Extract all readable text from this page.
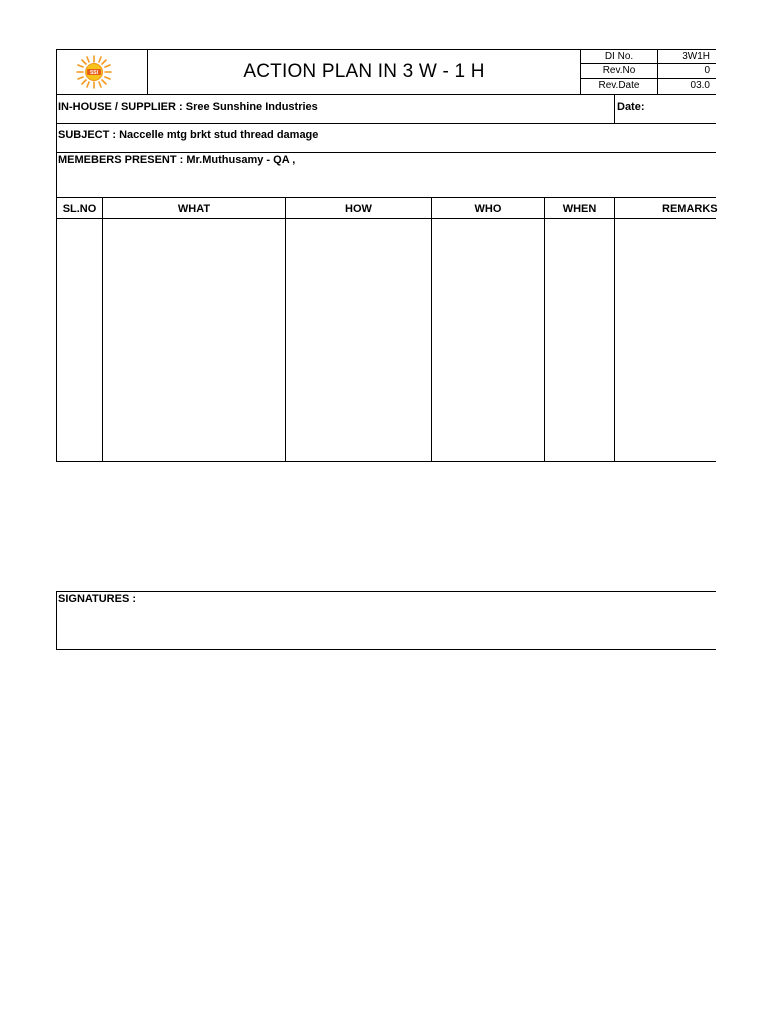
SSI	ACTION PLAN IN 3 W - 1 H
DI No.	3W1H
Rev.No	0
Rev.Date	03.0
IN-HOUSE / SUPPLIER : Sree Sunshine Industries	Date:
SUBJECT : Naccelle mtg brkt stud thread damage
MEMEBERS PRESENT : Mr.Muthusamy - QA ,
SL.NO	WHAT	HOW	WHO	WHEN	REMARKS
SIGNATURES :
